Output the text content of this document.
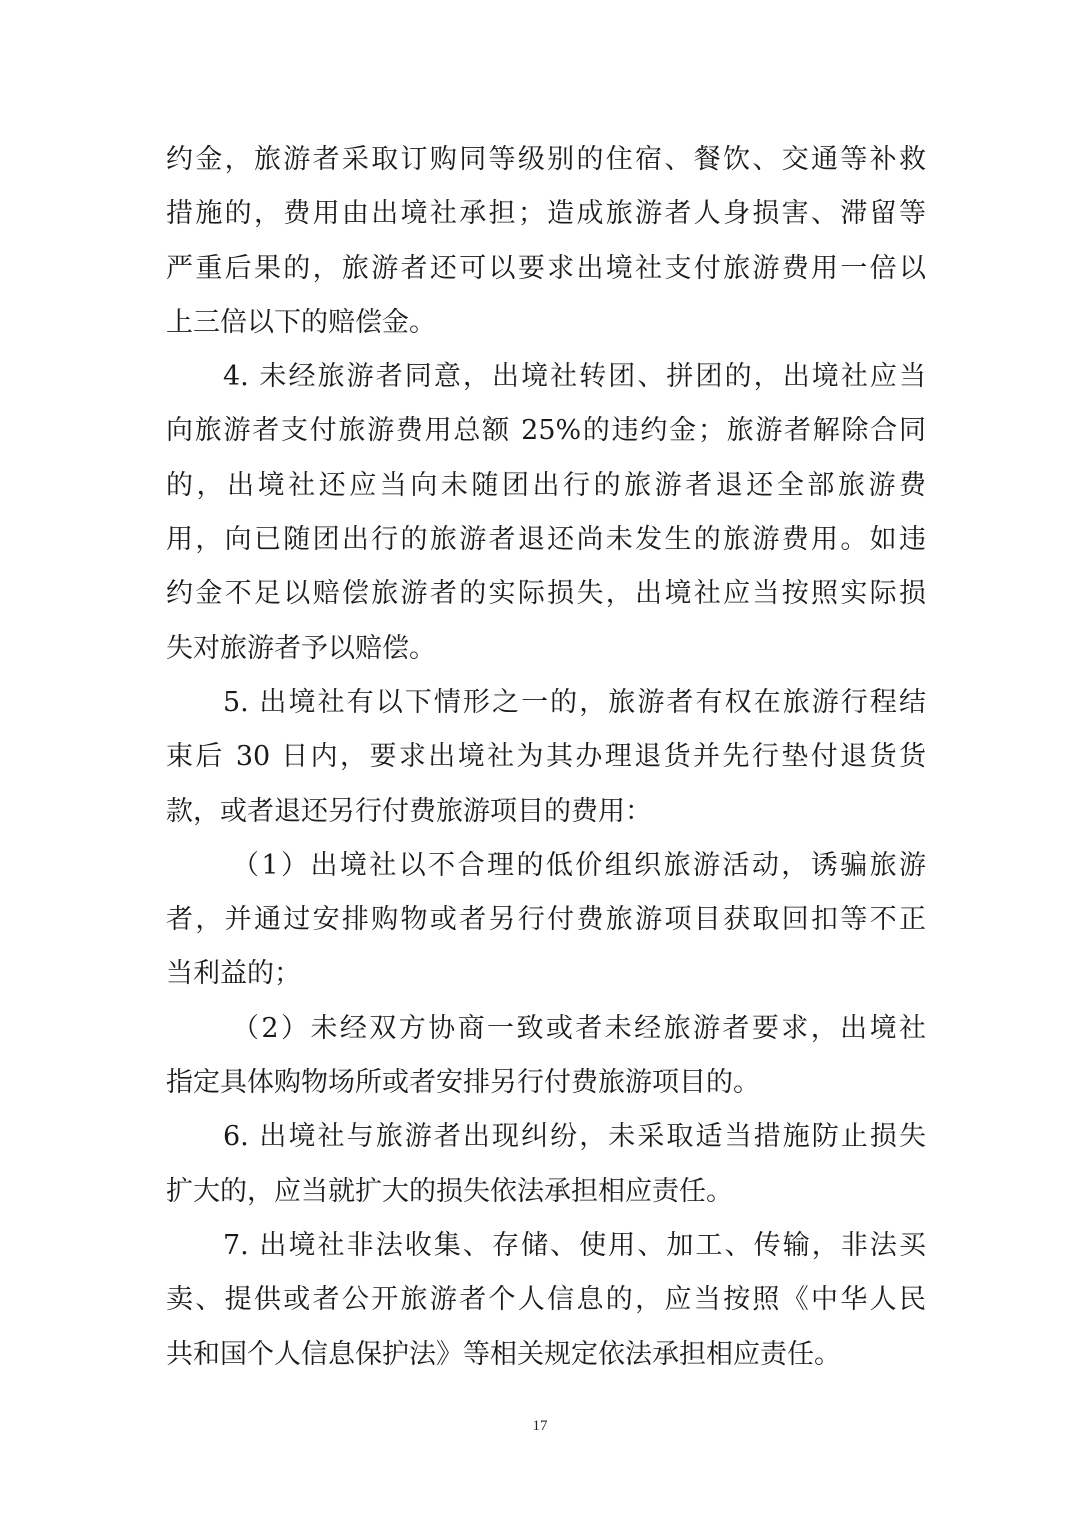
约金，旅游者采取订购同等级别的住宿、餐饮、交通等补救
措施的，费用由出境社承担；造成旅游者人身损害、滞留等
严重后果的，旅游者还可以要求出境社支付旅游费用一倍以
上三倍以下的赔偿金。
4. 未经旅游者同意，出境社转团、拼团的，出境社应当
向旅游者支付旅游费用总额 25%的违约金；旅游者解除合同
的，出境社还应当向未随团出行的旅游者退还全部旅游费
用，向已随团出行的旅游者退还尚未发生的旅游费用。如违
约金不足以赔偿旅游者的实际损失，出境社应当按照实际损
失对旅游者予以赔偿。
5. 出境社有以下情形之一的，旅游者有权在旅游行程结
束后 30 日内，要求出境社为其办理退货并先行垫付退货货
款，或者退还另行付费旅游项目的费用：
（1）出境社以不合理的低价组织旅游活动，诱骗旅游
者，并通过安排购物或者另行付费旅游项目获取回扣等不正
当利益的；
（2）未经双方协商一致或者未经旅游者要求，出境社
指定具体购物场所或者安排另行付费旅游项目的。
6. 出境社与旅游者出现纠纷，未采取适当措施防止损失
扩大的，应当就扩大的损失依法承担相应责任。
7. 出境社非法收集、存储、使用、加工、传输，非法买
卖、提供或者公开旅游者个人信息的，应当按照《中华人民
共和国个人信息保护法》等相关规定依法承担相应责任。
17
